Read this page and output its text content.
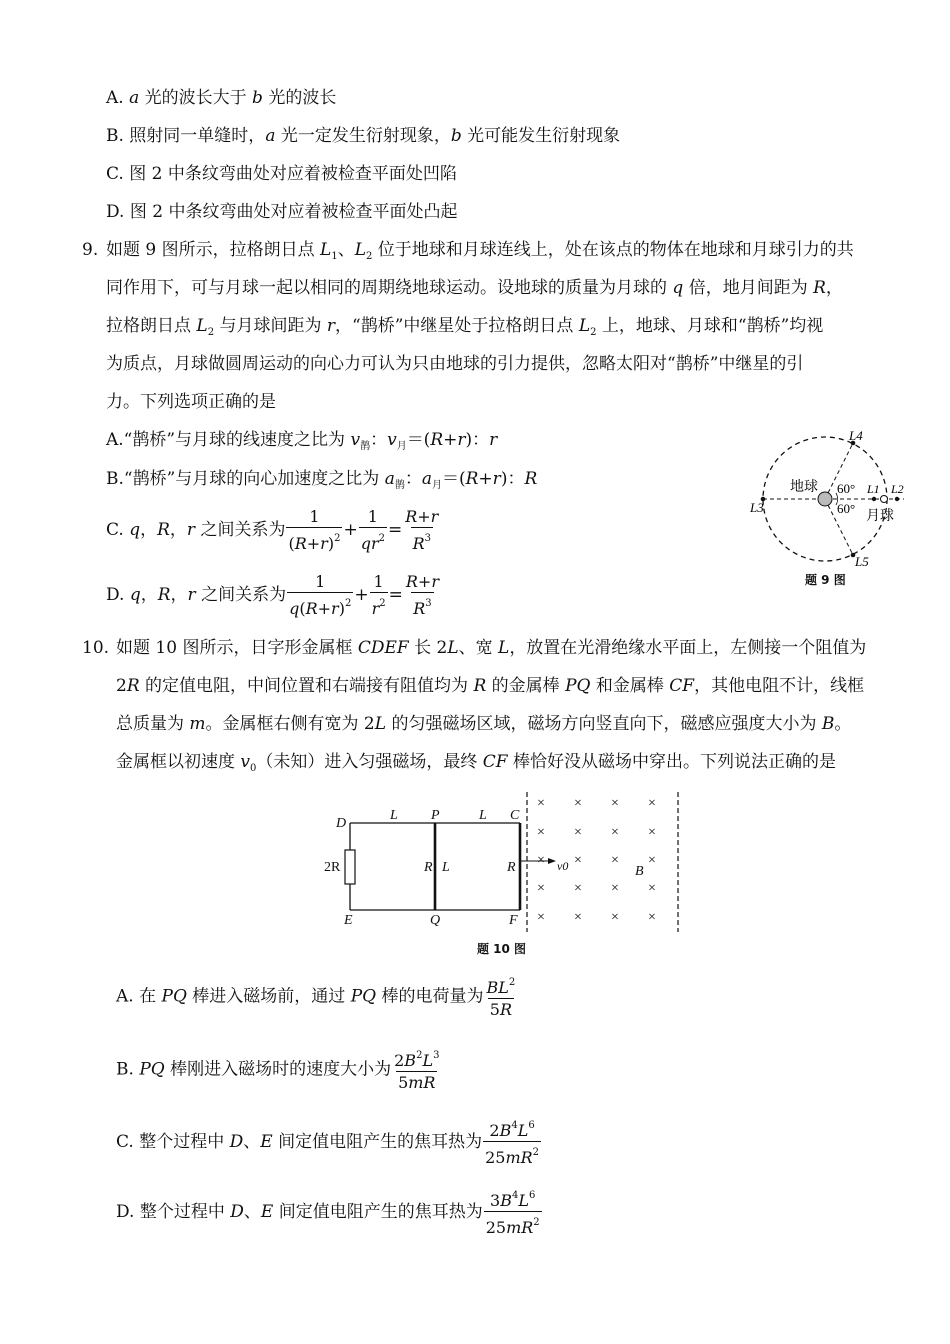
A. a 光的波长大于 b 光的波长
B. 照射同一单缝时，a 光一定发生衍射现象，b 光可能发生衍射现象
C. 图 2 中条纹弯曲处对应着被检查平面处凹陷
D. 图 2 中条纹弯曲处对应着被检查平面处凸起
9. 如题 9 图所示，拉格朗日点 $L_1$、$L_2$ 位于地球和月球连线上，处在该点的物体在地球和月球引力的共
同作用下，可与月球一起以相同的周期绕地球运动。设地球的质量为月球的 q 倍，地月间距为 R，
拉格朗日点 $L_2$ 与月球间距为 r，“鹊桥”中继星处于拉格朗日点 $L_2$ 上，地球、月球和“鹊桥”均视
为质点，月球做圆周运动的向心力可认为只由地球的引力提供，忽略太阳对“鹊桥”中继星的引
力。下列选项正确的是
A.“鹊桥”与月球的线速度之比为 $v_鹊$：$v_月=(R+r)$：r
B.“鹊桥”与月球的向心加速度之比为 $a_鹊$：$a_月=(R+r)$：R
C. q，R，r 之间关系为 $\frac{1}{(R+r)^2} + \frac{1}{qr^2} = \frac{R+r}{R^3}$
D. q，R，r 之间关系为 $\frac{1}{q(R+r)^2} + \frac{1}{r^2} = \frac{R+r}{R^3}$
地球 60°
60°
月球
L4
L3
L5
L1 L2
题 9 图
10. 如题 10 图所示，日字形金属框 CDEF 长 2L、宽 L，放置在光滑绝缘水平面上，左侧接一个阻值为
2R 的定值电阻，中间位置和右端接有阻值均为 R 的金属棒 PQ 和金属棒 CF，其他电阻不计，线框
总质量为 m。金属框右侧有宽为 2L 的匀强磁场区域，磁场方向竖直向下，磁感应强度大小为 B。
金属框以初速度 $v_0$（未知）进入匀强磁场，最终 CF 棒恰好没从磁场中穿出。下列说法正确的是
× × × ×
× × × ×
× × × ×
× × × ×
× × × ×
D
E
P
Q
C
F
L	L
R L	R
2R	B
v0
题 10 图
A. 在 PQ 棒进入磁场前，通过 PQ 棒的电荷量为 $\frac{BL^2}{5R}$
B. PQ 棒刚进入磁场时的速度大小为 $\frac{2B^2L^3}{5mR}$
C. 整个过程中 D、E 间定值电阻产生的焦耳热为 $\frac{2B^4L^6}{25mR^2}$
D. 整个过程中 D、E 间定值电阻产生的焦耳热为 $\frac{3B^4L^6}{25mR^2}$
